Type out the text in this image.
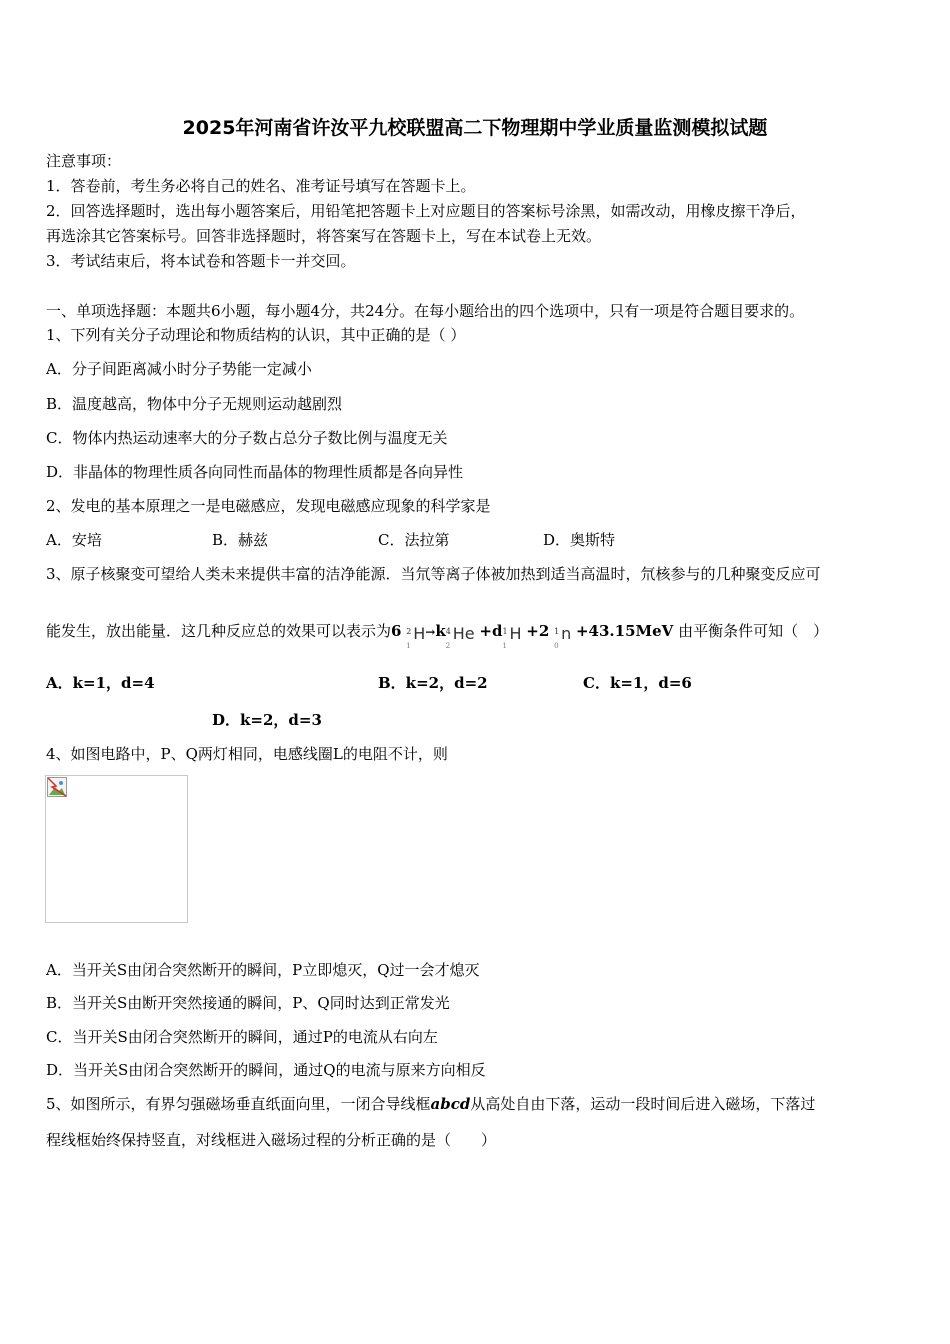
2025年河南省许汝平九校联盟高二下物理期中学业质量监测模拟试题
注意事项：
1．答卷前，考生务必将自己的姓名、准考证号填写在答题卡上。
2．回答选择题时，选出每小题答案后，用铅笔把答题卡上对应题目的答案标号涂黑，如需改动，用橡皮擦干净后，
再选涂其它答案标号。回答非选择题时，将答案写在答题卡上，写在本试卷上无效。
3．考试结束后，将本试卷和答题卡一并交回。
一、单项选择题：本题共6小题，每小题4分，共24分。在每小题给出的四个选项中，只有一项是符合题目要求的。
1、下列有关分子动理论和物质结构的认识，其中正确的是（ ）
A．分子间距离减小时分子势能一定减小
B．温度越高，物体中分子无规则运动越剧烈
C．物体内热运动速率大的分子数占总分子数比例与温度无关
D．非晶体的物理性质各向同性而晶体的物理性质都是各向异性
2、发电的基本原理之一是电磁感应，发现电磁感应现象的科学家是
A．安培	B．赫兹	C．法拉第	D．奥斯特
3、原子核聚变可望给人类未来提供丰富的洁净能源．当氘等离子体被加热到适当高温时，氘核参与的几种聚变反应可
能发生，放出能量．这几种反应总的效果可以表示为6 2
1
H→k 4
2
He +d 1
1
H +2 1
0
n +43.15MeV 由平衡条件可知（　）
A．k=1，d=4	B．k=2，d=2	C．k=1，d=6
D．k=2，d=3
4、如图电路中，P、Q两灯相同，电感线圈L的电阻不计，则
A．当开关S由闭合突然断开的瞬间，P立即熄灭，Q过一会才熄灭
B．当开关S由断开突然接通的瞬间，P、Q同时达到正常发光
C．当开关S由闭合突然断开的瞬间，通过P的电流从右向左
D．当开关S由闭合突然断开的瞬间，通过Q的电流与原来方向相反
5、如图所示，有界匀强磁场垂直纸面向里，一闭合导线框abcd从高处自由下落，运动一段时间后进入磁场，下落过
程线框始终保持竖直，对线框进入磁场过程的分析正确的是（　　）
